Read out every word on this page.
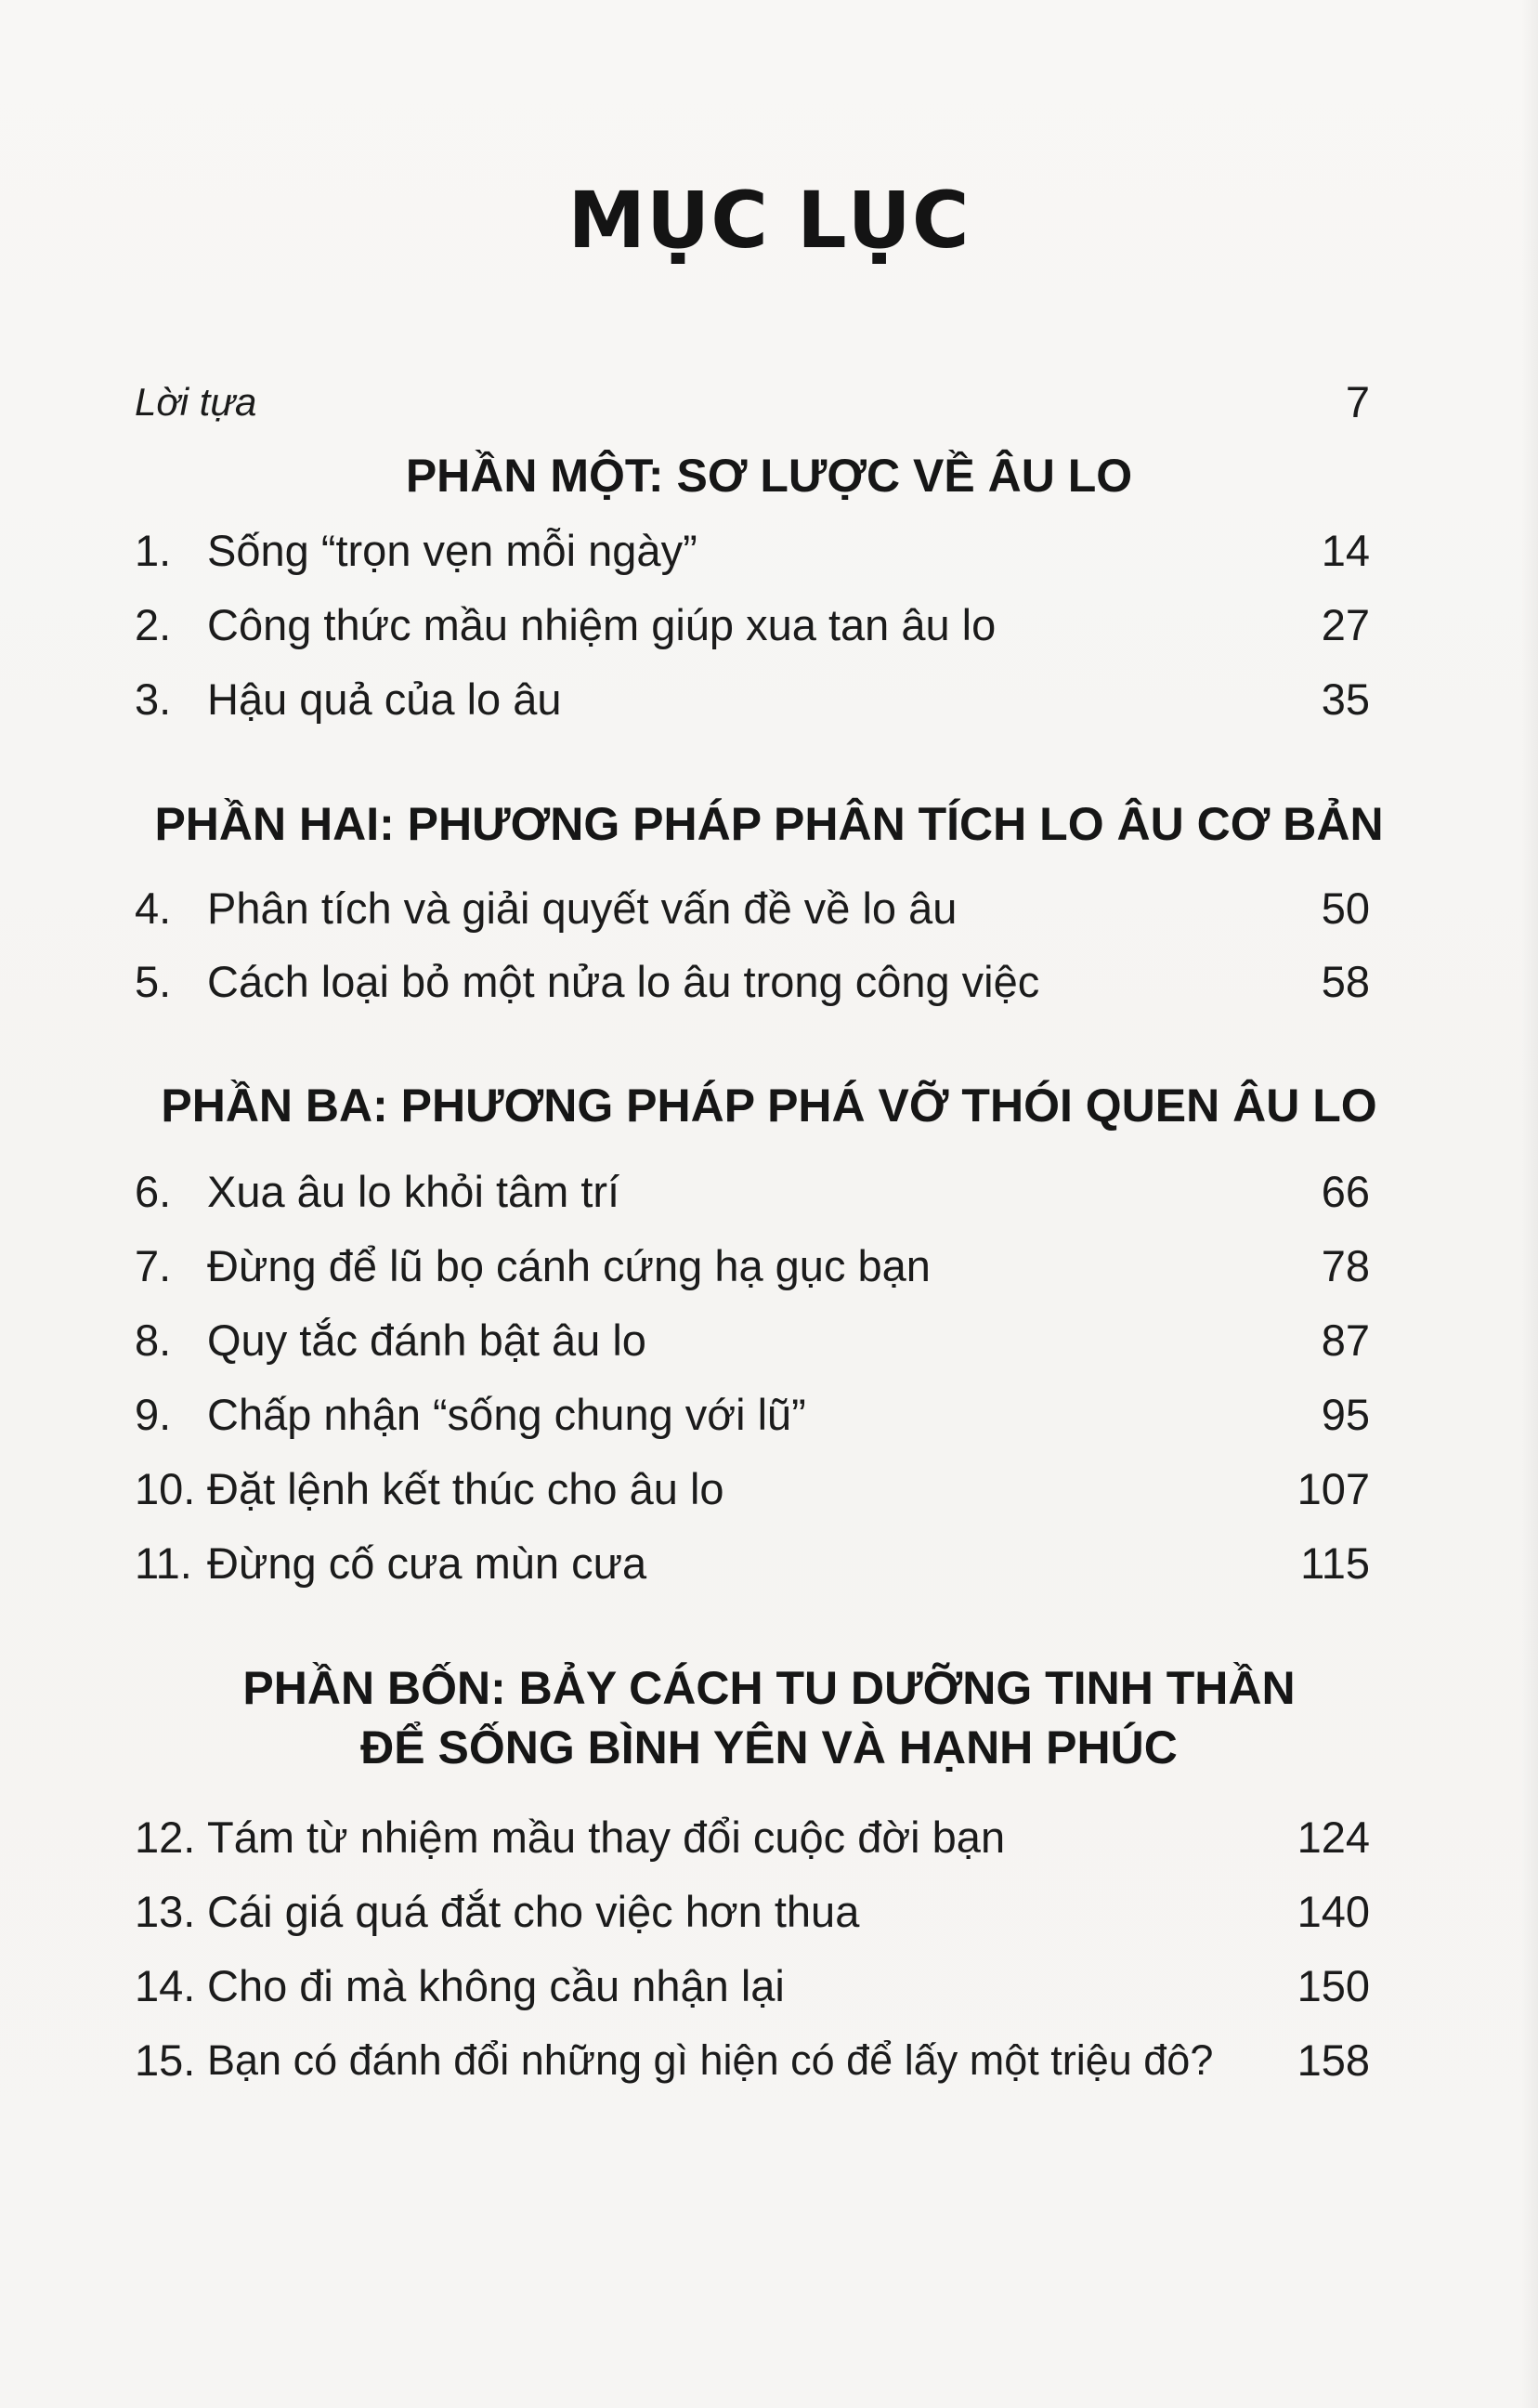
MỤC LỤC
Lời tựa	7
PHẦN MỘT: SƠ LƯỢC VỀ ÂU LO
1. Sống “trọn vẹn mỗi ngày”	14
2. Công thức mầu nhiệm giúp xua tan âu lo	27
3. Hậu quả của lo âu	35
PHẦN HAI: PHƯƠNG PHÁP PHÂN TÍCH LO ÂU CƠ BẢN
4. Phân tích và giải quyết vấn đề về lo âu	50
5. Cách loại bỏ một nửa lo âu trong công việc	58
PHẦN BA: PHƯƠNG PHÁP PHÁ VỠ THÓI QUEN ÂU LO
6. Xua âu lo khỏi tâm trí	66
7. Đừng để lũ bọ cánh cứng hạ gục bạn	78
8. Quy tắc đánh bật âu lo	87
9. Chấp nhận “sống chung với lũ”	95
10. Đặt lệnh kết thúc cho âu lo	107
11. Đừng cố cưa mùn cưa	115
PHẦN BỐN: BẢY CÁCH TU DƯỠNG TINH THẦN
ĐỂ SỐNG BÌNH YÊN VÀ HẠNH PHÚC
12. Tám từ nhiệm mầu thay đổi cuộc đời bạn	124
13. Cái giá quá đắt cho việc hơn thua	140
14. Cho đi mà không cầu nhận lại	150
15. Bạn có đánh đổi những gì hiện có để lấy một triệu đô? 158
